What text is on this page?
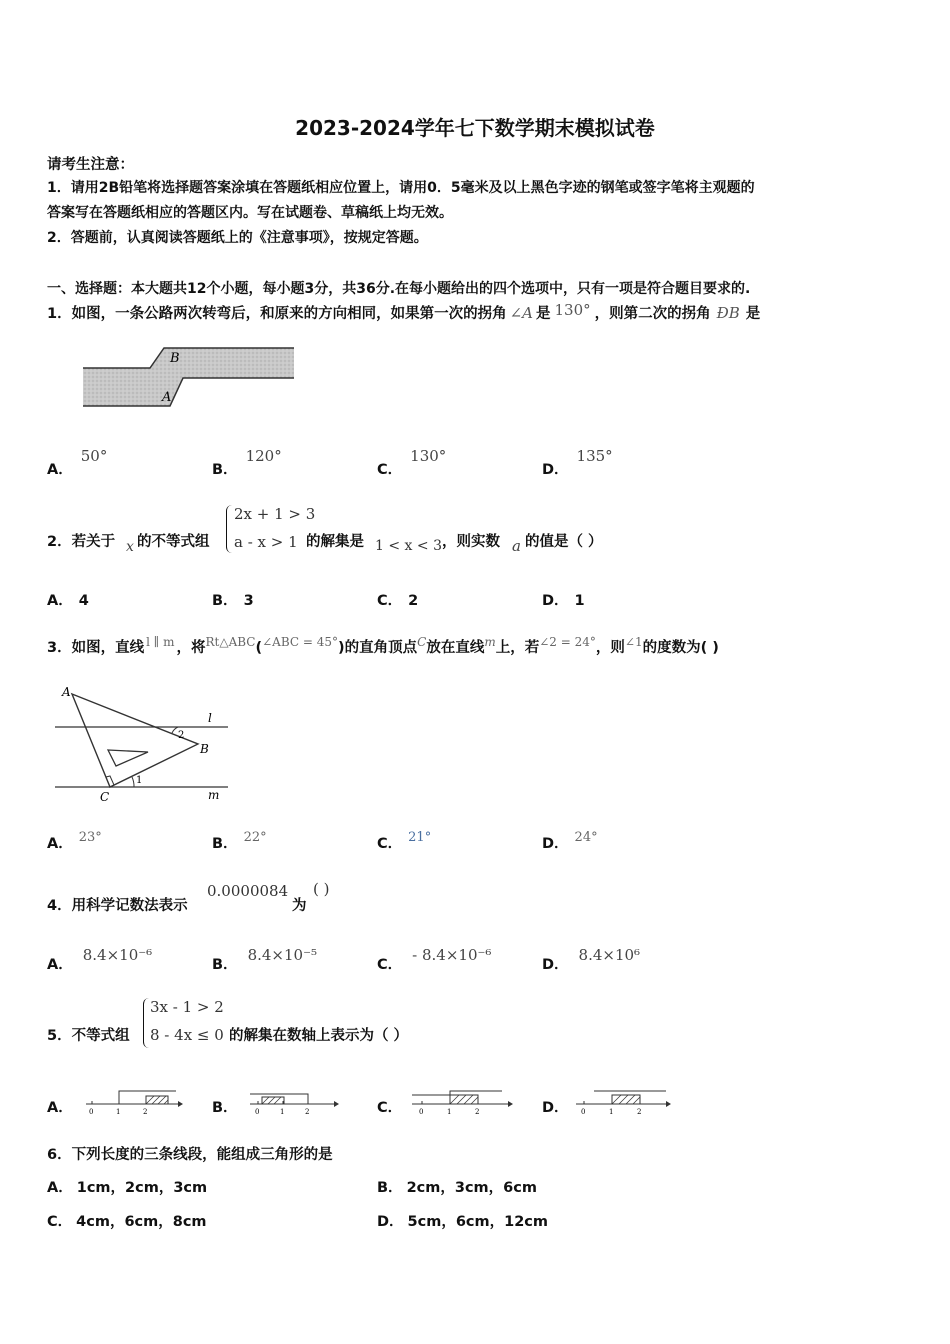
2023-2024学年七下数学期末模拟试卷
请考生注意：
1．请用2B铅笔将选择题答案涂填在答题纸相应位置上，请用0．5毫米及以上黑色字迹的钢笔或签字笔将主观题的
答案写在答题纸相应的答题区内。写在试题卷、草稿纸上均无效。
2．答题前，认真阅读答题纸上的《注意事项》，按规定答题。
一、选择题：本大题共12个小题，每小题3分，共36分.在每小题给出的四个选项中，只有一项是符合题目要求的.
1．如图，一条公路两次转弯后，和原来的方向相同，如果第一次的拐角 ∠A 是 130° ，则第二次的拐角 ÐB 是
B
A
A．50°
B．120°
C．130°
D．135°
2．若关于 x 的不等式组
2x + 1 > 3
a - x > 1 的解集是 1 < x < 3 ，则实数 a 的值是（ ）
A． 4	B． 3	C． 2	D． 1
3．如图，直线 $^{l \parallel m}$ ，将$^{Rt\triangle ABC}$($^{\angle ABC = 45^\circ}$)的直角顶点$^C$放在直线$^m$上，若$^{\angle 2 = 24^\circ}$，则$^{\angle 1}$的度数为( )
A
B
C
l
m
1
2
A． 23°	B． 22°	C． 21°	D． 24°
4．用科学记数法表示
0.0000084
为
( )
A．8.4×10⁻⁶
B．8.4×10⁻⁵
C．- 8.4×10⁻⁶
D．8.4×10⁶
5．不等式组
3x - 1 > 2
8 - 4x ≤ 0 的解集在数轴上表示为（ ）
A． 0	1	2	B． 0	1	2	C． 0	1	2	D． 0	1	2
6．下列长度的三条线段，能组成三角形的是
A． 1cm，2cm，3cm	B． 2cm，3cm，6cm
C． 4cm，6cm，8cm	D． 5cm，6cm，12cm
